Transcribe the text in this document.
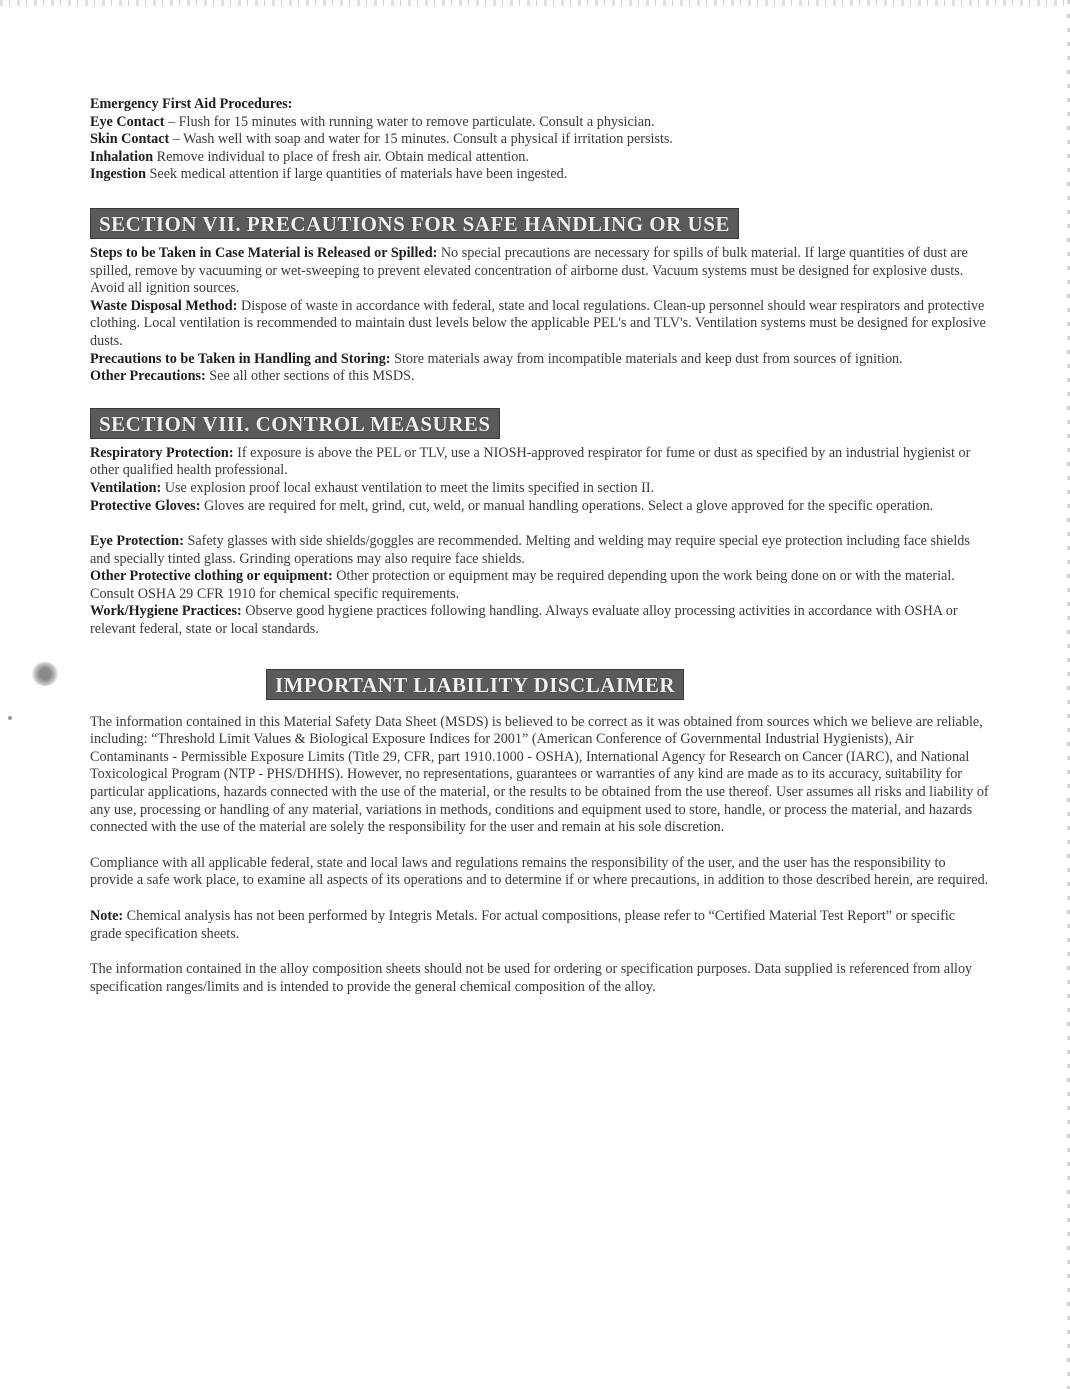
Emergency First Aid Procedures:

Eye Contact – Flush for 15 minutes with running water to remove particulate. Consult a physician.

Skin Contact – Wash well with soap and water for 15 minutes. Consult a physical if irritation persists.

Inhalation Remove individual to place of fresh air. Obtain medical attention.

Ingestion Seek medical attention if large quantities of materials have been ingested.

SECTION VII. PRECAUTIONS FOR SAFE HANDLING OR USE

Steps to be Taken in Case Material is Released or Spilled: No special precautions are necessary for spills of bulk material. If large quantities of dust are spilled, remove by vacuuming or wet-sweeping to prevent elevated concentration of airborne dust. Vacuum systems must be designed for explosive dusts. Avoid all ignition sources.

Waste Disposal Method: Dispose of waste in accordance with federal, state and local regulations. Clean-up personnel should wear respirators and protective clothing. Local ventilation is recommended to maintain dust levels below the applicable PEL's and TLV's. Ventilation systems must be designed for explosive dusts.

Precautions to be Taken in Handling and Storing: Store materials away from incompatible materials and keep dust from sources of ignition.

Other Precautions: See all other sections of this MSDS.

SECTION VIII. CONTROL MEASURES

Respiratory Protection: If exposure is above the PEL or TLV, use a NIOSH-approved respirator for fume or dust as specified by an industrial hygienist or other qualified health professional.

Ventilation: Use explosion proof local exhaust ventilation to meet the limits specified in section II.

Protective Gloves: Gloves are required for melt, grind, cut, weld, or manual handling operations. Select a glove approved for the specific operation.

Eye Protection: Safety glasses with side shields/goggles are recommended. Melting and welding may require special eye protection including face shields and specially tinted glass. Grinding operations may also require face shields.

Other Protective clothing or equipment: Other protection or equipment may be required depending upon the work being done on or with the material. Consult OSHA 29 CFR 1910 for chemical specific requirements.

Work/Hygiene Practices: Observe good hygiene practices following handling. Always evaluate alloy processing activities in accordance with OSHA or relevant federal, state or local standards.

IMPORTANT LIABILITY DISCLAIMER

The information contained in this Material Safety Data Sheet (MSDS) is believed to be correct as it was obtained from sources which we believe are reliable, including: “Threshold Limit Values & Biological Exposure Indices for 2001” (American Conference of Governmental Industrial Hygienists), Air Contaminants - Permissible Exposure Limits (Title 29, CFR, part 1910.1000 - OSHA), International Agency for Research on Cancer (IARC), and National Toxicological Program (NTP - PHS/DHHS). However, no representations, guarantees or warranties of any kind are made as to its accuracy, suitability for particular applications, hazards connected with the use of the material, or the results to be obtained from the use thereof. User assumes all risks and liability of any use, processing or handling of any material, variations in methods, conditions and equipment used to store, handle, or process the material, and hazards connected with the use of the material are solely the responsibility for the user and remain at his sole discretion.

Compliance with all applicable federal, state and local laws and regulations remains the responsibility of the user, and the user has the responsibility to provide a safe work place, to examine all aspects of its operations and to determine if or where precautions, in addition to those described herein, are required.

Note: Chemical analysis has not been performed by Integris Metals. For actual compositions, please refer to “Certified Material Test Report” or specific grade specification sheets.

The information contained in the alloy composition sheets should not be used for ordering or specification purposes. Data supplied is referenced from alloy specification ranges/limits and is intended to provide the general chemical composition of the alloy.
